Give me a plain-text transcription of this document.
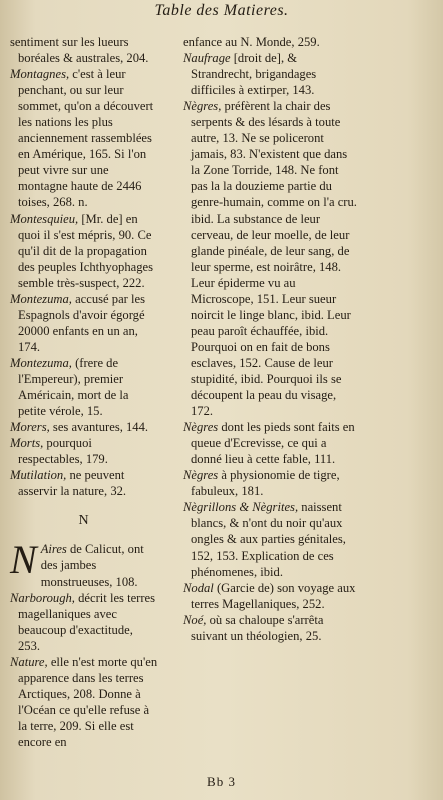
Table des Matieres.
sentiment sur les lueurs boréales & australes, 204.
Montagnes, c'est à leur penchant, ou sur leur sommet, qu'on a découvert les nations les plus anciennement rassemblées en Amérique, 165. Si l'on peut vivre sur une montagne haute de 2446 toises, 268. n.
Montesquieu, [Mr. de] en quoi il s'est mépris, 90. Ce qu'il dit de la propagation des peuples Ichthyophages semble très-suspect, 222.
Montezuma, accusé par les Espagnols d'avoir égorgé 20000 enfants en un an, 174.
Montezuma, (frere de l'Empereur), premier Américain, mort de la petite vérole, 15.
Morers, ses avantures, 144.
Morts, pourquoi respectables, 179.
Mutilation, ne peuvent asservir la nature, 32.
N
N Aires de Calicut, ont des jambes monstrueuses, 108.
Narborough, décrit les terres magellaniques avec beaucoup d'exactitude, 253.
Nature, elle n'est morte qu'en apparence dans les terres Arctiques, 208. Donne à l'Océan ce qu'elle refuse à la terre, 209. Si elle est encore en
enfance au N. Monde, 259.
Naufrage [droit de], & Strandrecht, brigandages difficiles à extirper, 143.
Nègres, préfèrent la chair des serpents & des lésards à toute autre, 13. Ne se policeront jamais, 83. N'existent que dans la Zone Torride, 148. Ne font pas la la douzieme partie du genre-humain, comme on l'a cru. ibid. La substance de leur cerveau, de leur moelle, de leur glande pinéale, de leur sang, de leur sperme, est noirâtre, 148. Leur épiderme vu au Microscope, 151. Leur sueur noircit le linge blanc, ibid. Leur peau paroît échauffée, ibid. Pourquoi on en fait de bons esclaves, 152. Cause de leur stupidité, ibid. Pourquoi ils se découpent la peau du visage, 172.
Nègres dont les pieds sont faits en queue d'Ecrevisse, ce qui a donné lieu à cette fable, 111.
Nègres à physionomie de tigre, fabuleux, 181.
Nègrillons & Nègrites, naissent blancs, & n'ont du noir qu'aux ongles & aux parties génitales, 152, 153. Explication de ces phénomenes, ibid.
Nodal (Garcie de) son voyage aux terres Magellaniques, 252.
Noé, où sa chaloupe s'arrêta suivant un théologien, 25.
Bb 3
